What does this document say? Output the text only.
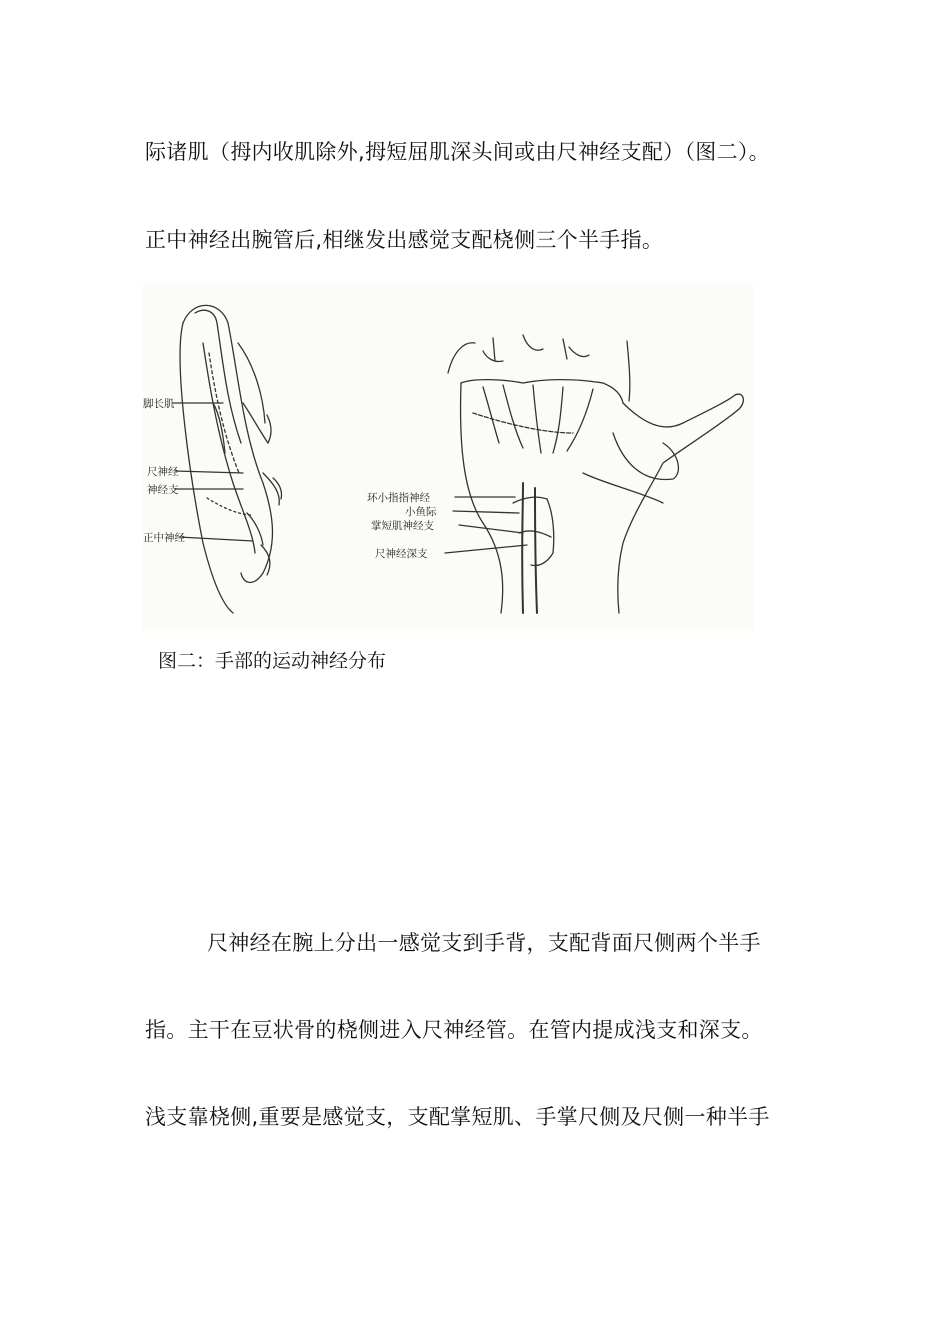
际诸肌（拇内收肌除外,拇短屈肌深头间或由尺神经支配）（图二）。
正中神经出腕管后,相继发出感觉支配桡侧三个半手指。
脚长肌
尺神经
神经支
正中神经
环小指指神经
小鱼际
掌短肌神经支
尺神经深支
图二：手部的运动神经分布
尺神经在腕上分出一感觉支到手背，支配背面尺侧两个半手
指。主干在豆状骨的桡侧进入尺神经管。在管内提成浅支和深支。
浅支靠桡侧,重要是感觉支，支配掌短肌、手掌尺侧及尺侧一种半手
